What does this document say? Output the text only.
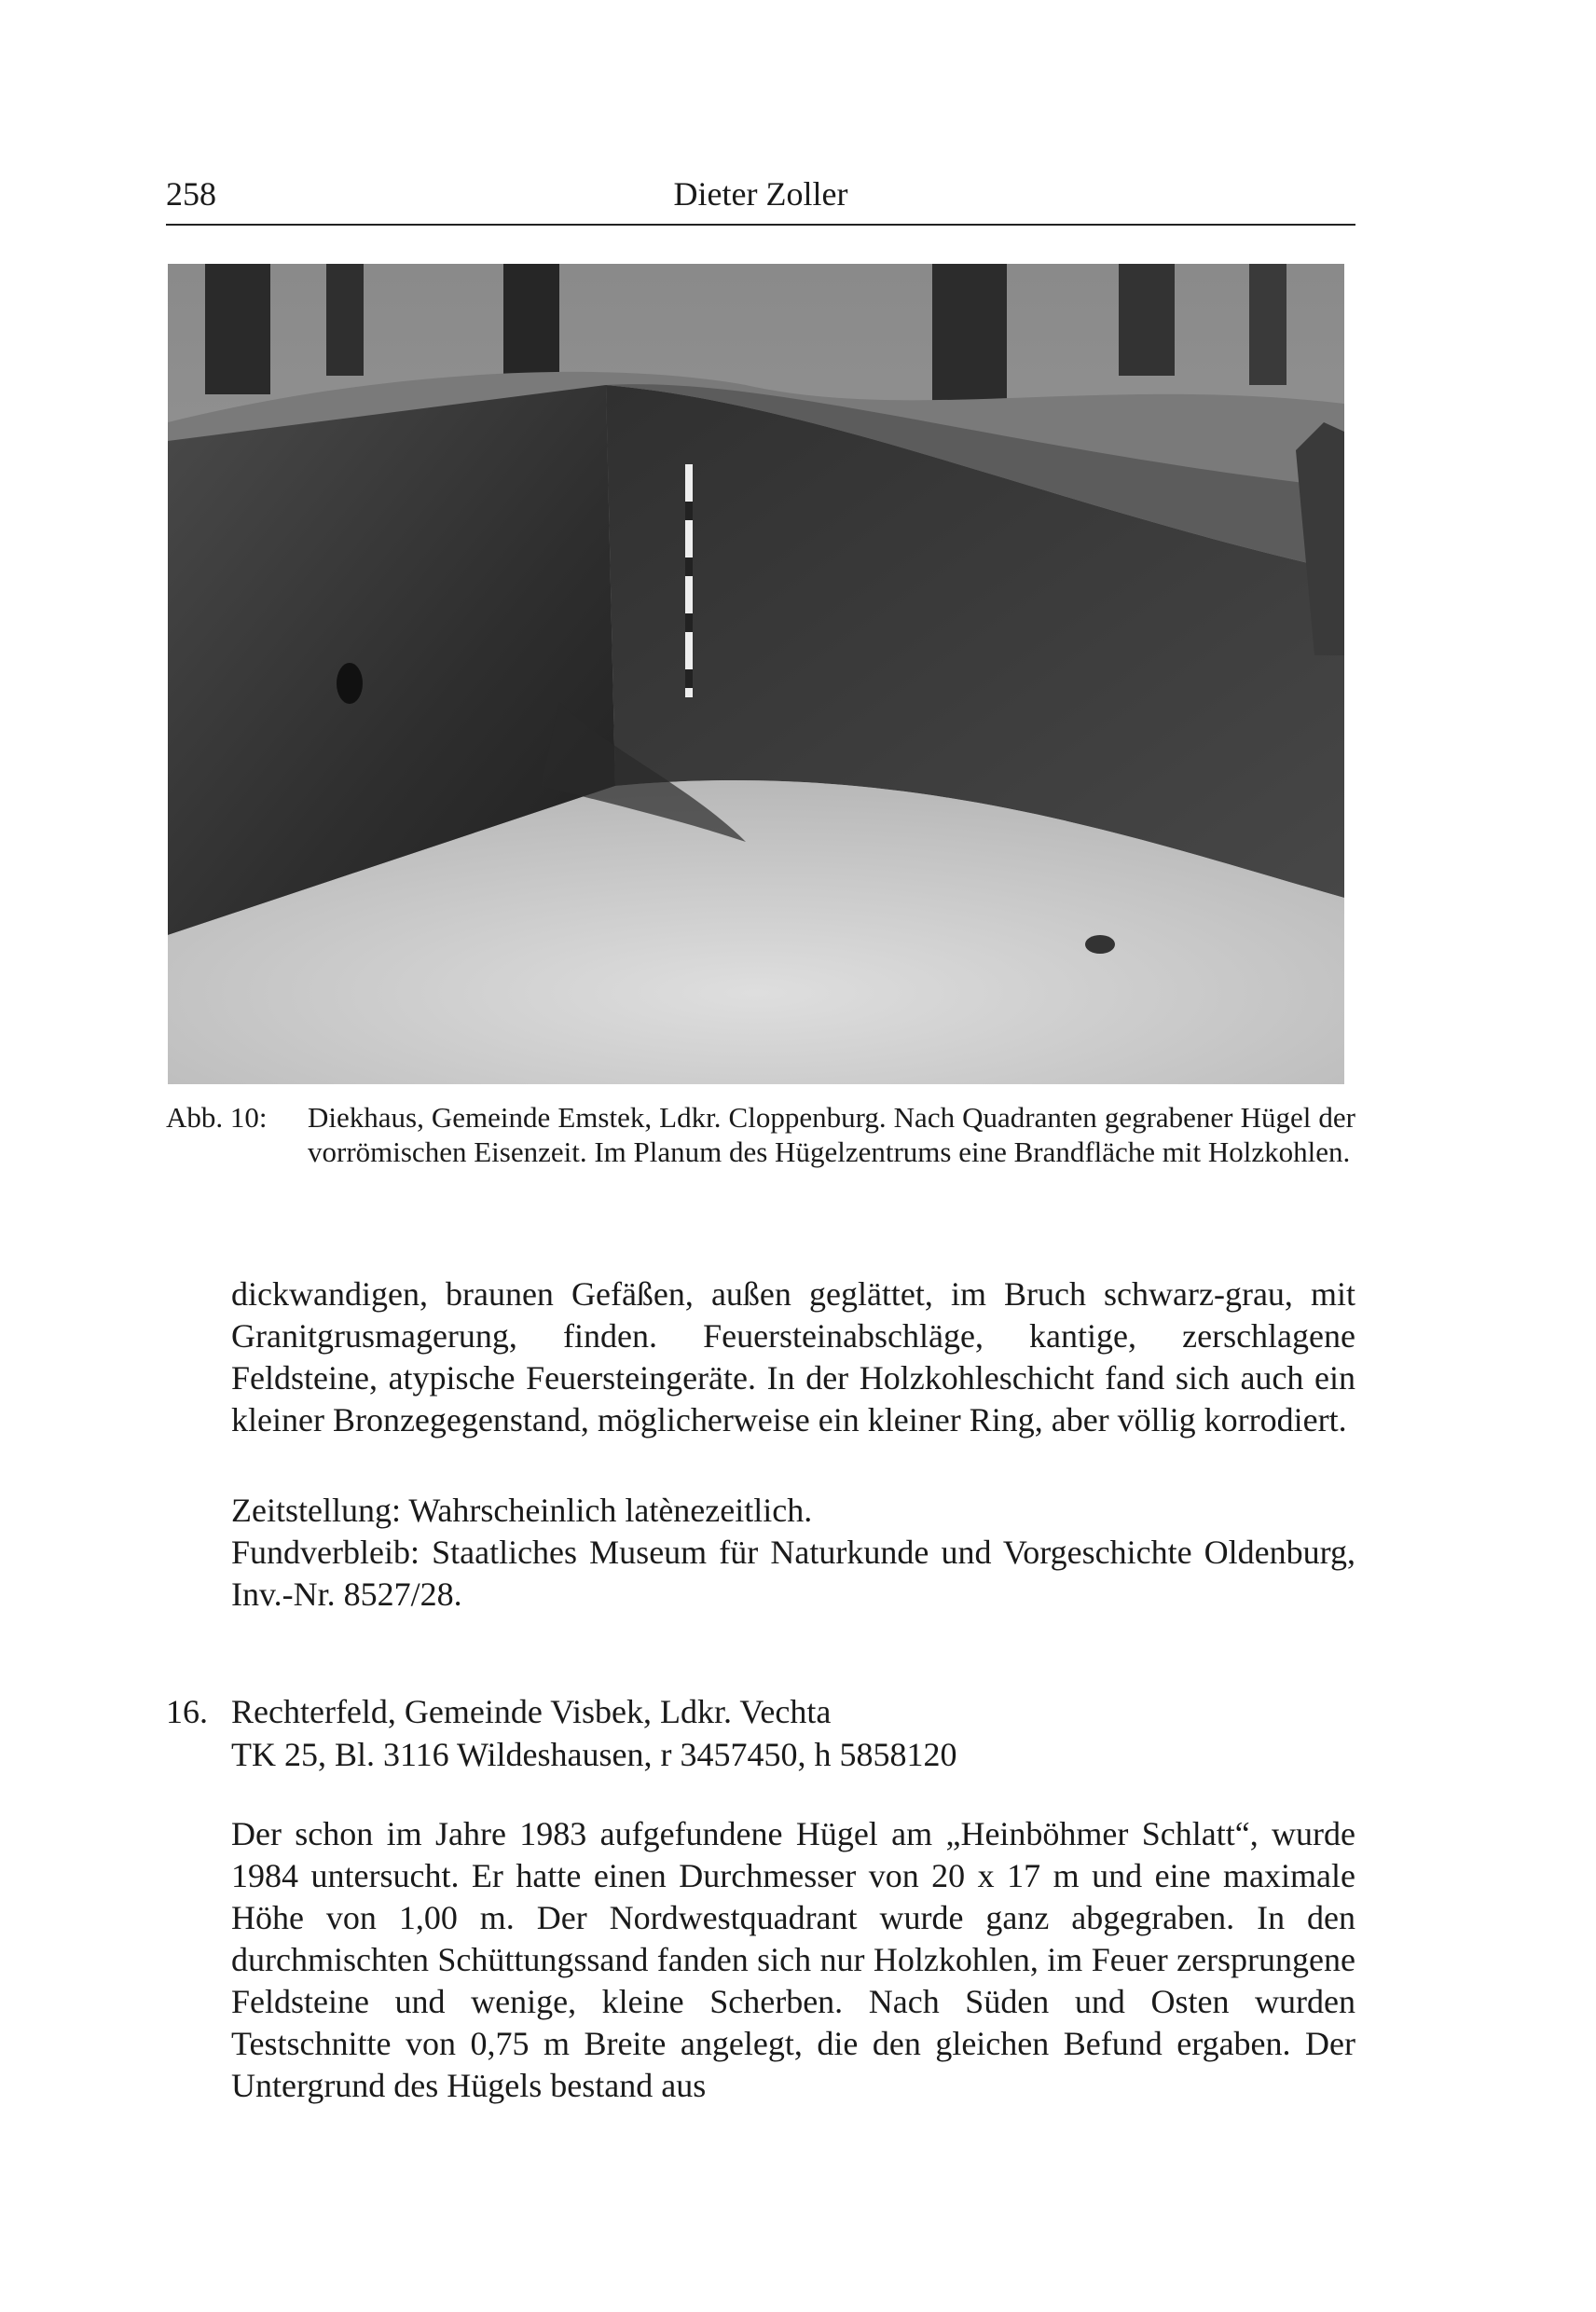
258	Dieter Zoller
Abb. 10:	Diekhaus, Gemeinde Emstek, Ldkr. Cloppenburg. Nach Quadranten gegrabener Hügel der vorrömischen Eisenzeit. Im Planum des Hügelzentrums eine Brandfläche mit Holzkohlen.

dickwandigen, braunen Gefäßen, außen geglättet, im Bruch schwarz-grau, mit Granitgrusmagerung, finden. Feuersteinabschläge, kantige, zerschlagene Feldsteine, atypische Feuersteingeräte. In der Holzkohleschicht fand sich auch ein kleiner Bronzegegenstand, möglicherweise ein kleiner Ring, aber völlig korrodiert.

Zeitstellung: Wahrscheinlich latènezeitlich.

Fundverbleib: Staatliches Museum für Naturkunde und Vorgeschichte Oldenburg, Inv.-Nr. 8527/28.

16. Rechterfeld, Gemeinde Visbek, Ldkr. Vechta
TK 25, Bl. 3116 Wildeshausen, r 3457450, h 5858120

Der schon im Jahre 1983 aufgefundene Hügel am „Heinböhmer Schlatt“, wurde 1984 untersucht. Er hatte einen Durchmesser von 20 x 17 m und eine maximale Höhe von 1,00 m. Der Nordwestquadrant wurde ganz abgegraben. In den durchmischten Schüttungssand fanden sich nur Holzkohlen, im Feuer zersprungene Feldsteine und wenige, kleine Scherben. Nach Süden und Osten wurden Testschnitte von 0,75 m Breite angelegt, die den gleichen Befund ergaben. Der Untergrund des Hügels bestand aus
